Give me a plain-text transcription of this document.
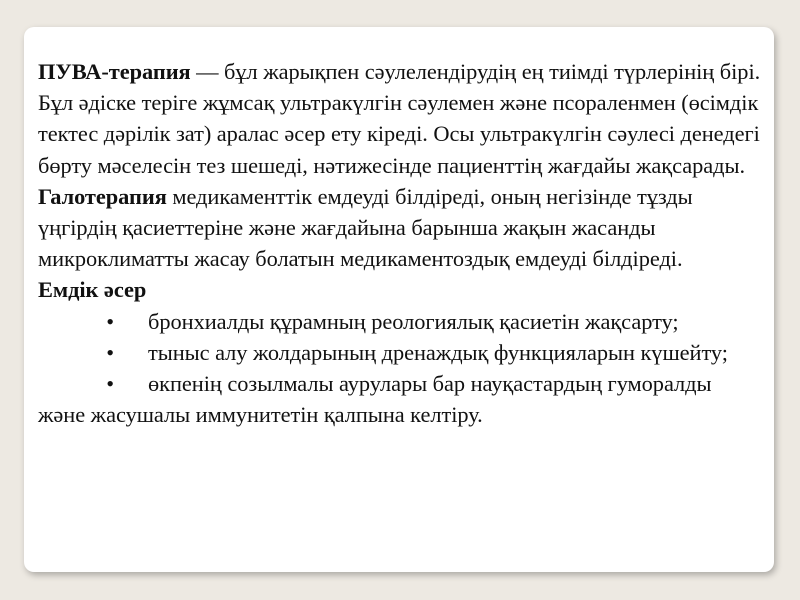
ПУВА-терапия — бұл жарықпен сәулелендірудің ең тиімді түрлерінің бірі. Бұл әдіске теріге жұмсақ ультракүлгін сәулемен және псораленмен (өсімдік тектес дәрілік зат) аралас әсер ету кіреді. Осы ультракүлгін сәулесі денедегі бөрту мәселесін тез шешеді, нәтижесінде пациенттің жағдайы жақсарады.

Галотерапия медикаменттік емдеуді білдіреді, оның негізінде тұзды үңгірдің қасиеттеріне және жағдайына барынша жақын жасанды микроклиматты жасау болатын медикаментоздық емдеуді білдіреді.

Емдік әсер

• бронхиалды құрамның реологиялық қасиетін жақсарту;

• тыныс алу жолдарының дренаждық функцияларын күшейту;

• өкпенің созылмалы аурулары бар науқастардың гуморалды және жасушалы иммунитетін қалпына келтіру.
